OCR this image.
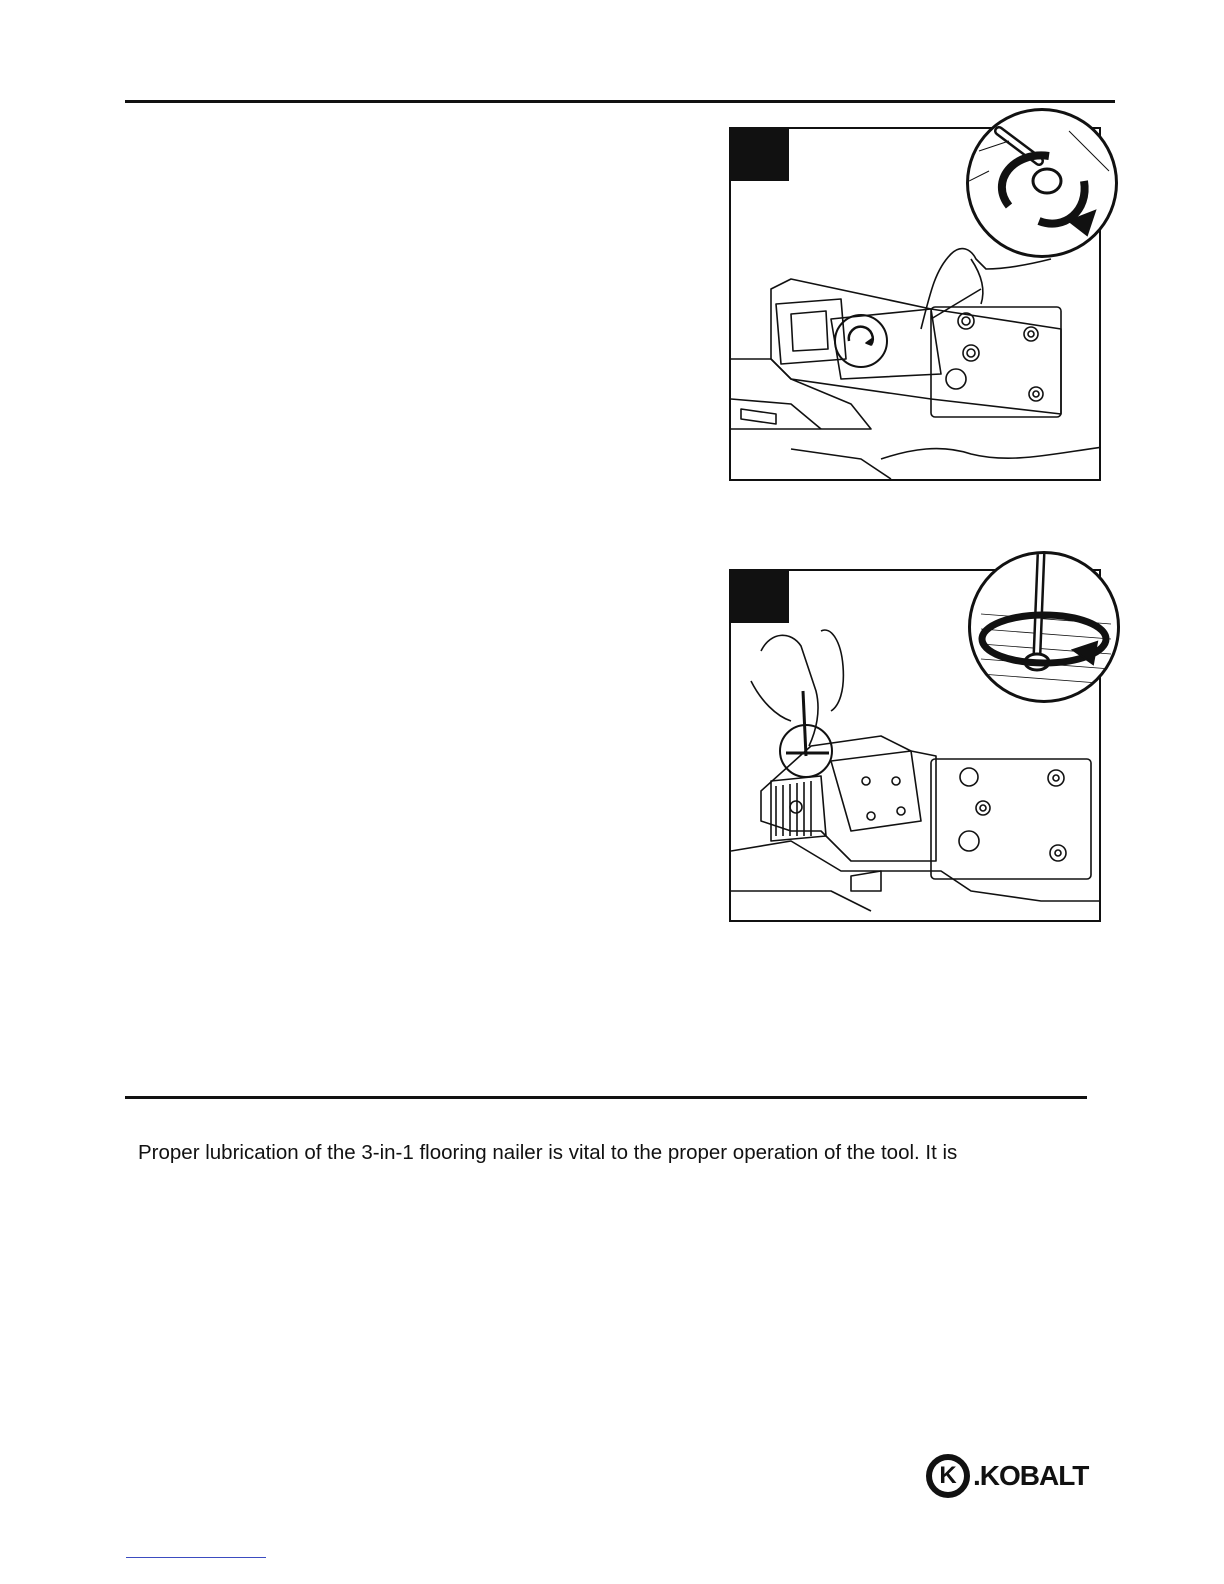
Proper lubrication of the 3-in-1 flooring nailer is vital to the proper operation of the tool. It is

K .KOBALT
